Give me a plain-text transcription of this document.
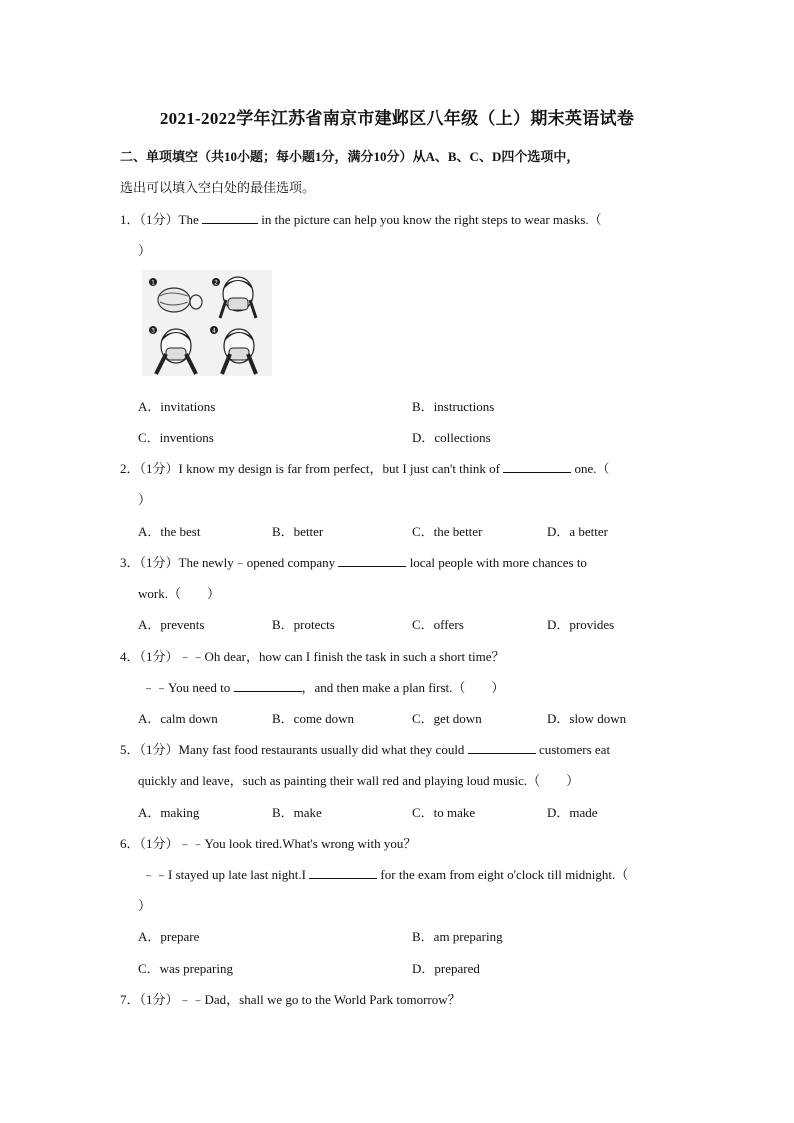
2021-2022学年江苏省南京市建邺区八年级（上）期末英语试卷
二、单项填空（共10小题；每小题1分，满分10分）从A、B、C、D四个选项中，
选出可以填入空白处的最佳选项。
1．（1分）The	in the picture can help you know the right steps to wear masks.（
）
1	2
3	4
A．invitations	B．instructions
C．inventions	D．collections
2．（1分）I know my design is far from perfect，but I just can't think of	one.（
）
A．the best	B．better	C．the better	D．a better
3．（1分）The newly﹣opened company	local people with more chances to
work.（　　）
A．prevents	B．protects	C．offers	D．provides
4．（1分）﹣﹣Oh dear，how can I finish the task in such a short time？
﹣﹣You need to	，and then make a plan first.（　　）
A．calm down	B．come down	C．get down	D．slow down
5．（1分）Many fast food restaurants usually did what they could	customers eat
quickly and leave，such as painting their wall red and playing loud music.（　　）
A．making	B．make	C．to make	D．made
6．（1分）﹣﹣You look tired.What's wrong with you？
﹣﹣I stayed up late last night.I	for the exam from eight o'clock till midnight.（
）
A．prepare	B．am preparing
C．was preparing	D．prepared
7．（1分）﹣﹣Dad，shall we go to the World Park tomorrow？
